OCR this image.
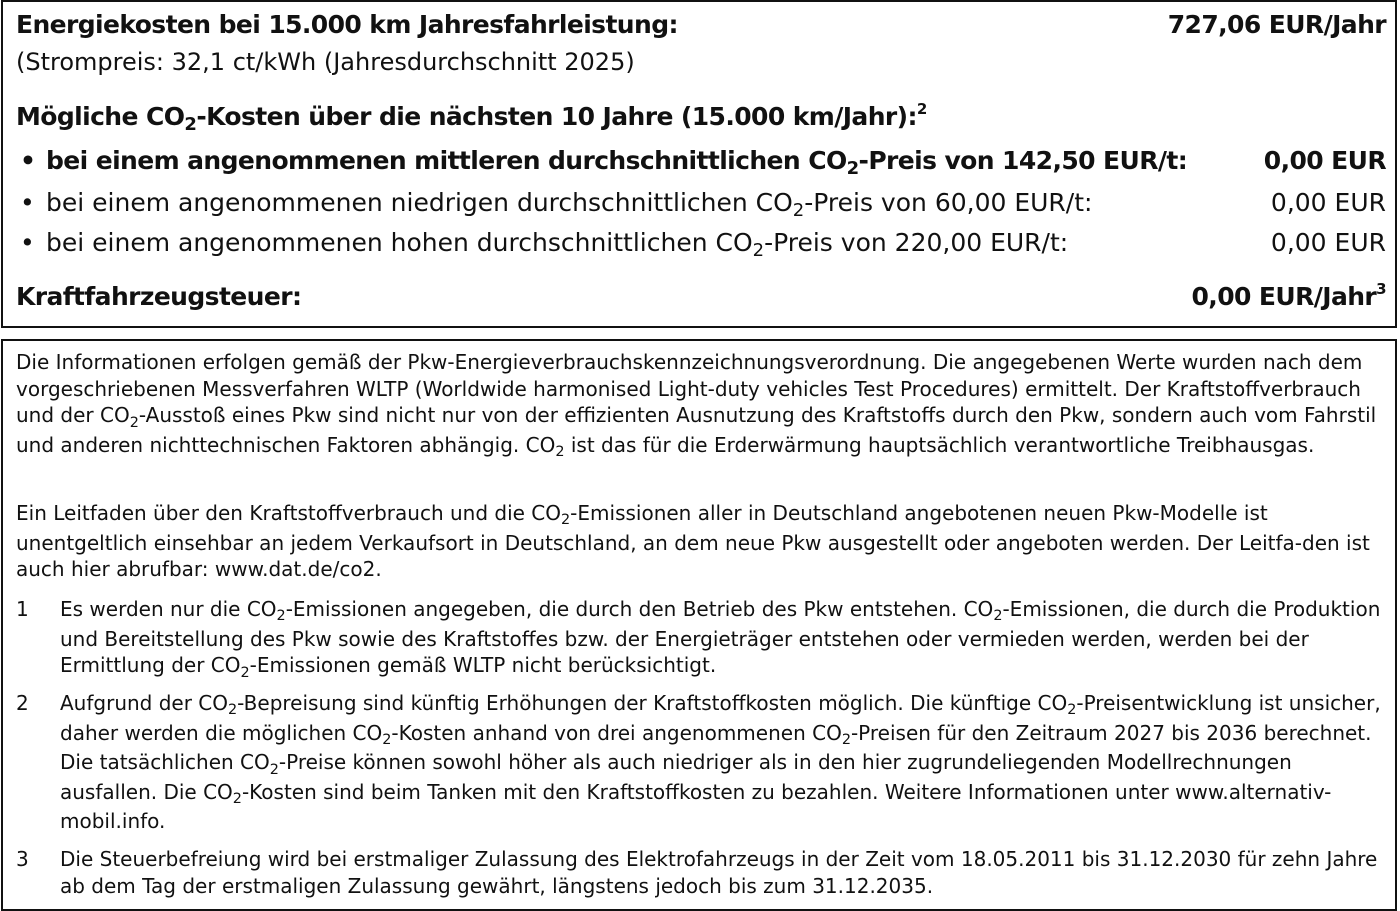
Energiekosten bei 15.000 km Jahresfahrleistung:	727,06 EUR/Jahr
(Strompreis: 32,1 ct/kWh (Jahresdurchschnitt 2025)
Mögliche $CO_2$-Kosten über die nächsten 10 Jahre (15.000 km/Jahr):$^2$
• bei einem angenommenen mittleren durchschnittlichen $CO_2$-Preis von 142,50 EUR/t:	0,00 EUR
• bei einem angenommenen niedrigen durchschnittlichen $CO_2$-Preis von 60,00 EUR/t:	0,00 EUR
• bei einem angenommenen hohen durchschnittlichen $CO_2$-Preis von 220,00 EUR/t:	0,00 EUR
Kraftfahrzeugsteuer:	0,00 EUR/Jahr$^3$
Die Informationen erfolgen gemäß der Pkw-Energieverbrauchskennzeichnungsverordnung. Die angegebenen Werte wurden nach dem vorgeschriebenen Messverfahren WLTP (Worldwide harmonised Light-duty vehicles Test Procedures) ermittelt. Der Kraftstoffverbrauch und der $CO_2$-Ausstoß eines Pkw sind nicht nur von der effizienten Ausnutzung des Kraftstoffs durch den Pkw, sondern auch vom Fahrstil und anderen nichttechnischen Faktoren abhängig. $CO_2$ ist das für die Erderwärmung hauptsächlich verantwortliche Treibhausgas.
Ein Leitfaden über den Kraftstoffverbrauch und die $CO_2$-Emissionen aller in Deutschland angebotenen neuen Pkw-Modelle ist unentgeltlich einsehbar an jedem Verkaufsort in Deutschland, an dem neue Pkw ausgestellt oder angeboten werden. Der Leitfa-den ist auch hier abrufbar: www.dat.de/co2.
1 Es werden nur die $CO_2$-Emissionen angegeben, die durch den Betrieb des Pkw entstehen. $CO_2$-Emissionen, die durch die Produktion und Bereitstellung des Pkw sowie des Kraftstoffes bzw. der Energieträger entstehen oder vermieden werden, werden bei der Ermittlung der $CO_2$-Emissionen gemäß WLTP nicht berücksichtigt.
2 Aufgrund der $CO_2$-Bepreisung sind künftig Erhöhungen der Kraftstoffkosten möglich. Die künftige $CO_2$-Preisentwicklung ist unsicher, daher werden die möglichen $CO_2$-Kosten anhand von drei angenommenen $CO_2$-Preisen für den Zeitraum 2027 bis 2036 berechnet. Die tatsächlichen $CO_2$-Preise können sowohl höher als auch niedriger als in den hier zugrundeliegenden Modellrechnungen ausfallen. Die $CO_2$-Kosten sind beim Tanken mit den Kraftstoffkosten zu bezahlen. Weitere Informationen unter www.alternativ-mobil.info.
3 Die Steuerbefreiung wird bei erstmaliger Zulassung des Elektrofahrzeugs in der Zeit vom 18.05.2011 bis 31.12.2030 für zehn Jahre ab dem Tag der erstmaligen Zulassung gewährt, längstens jedoch bis zum 31.12.2035.
